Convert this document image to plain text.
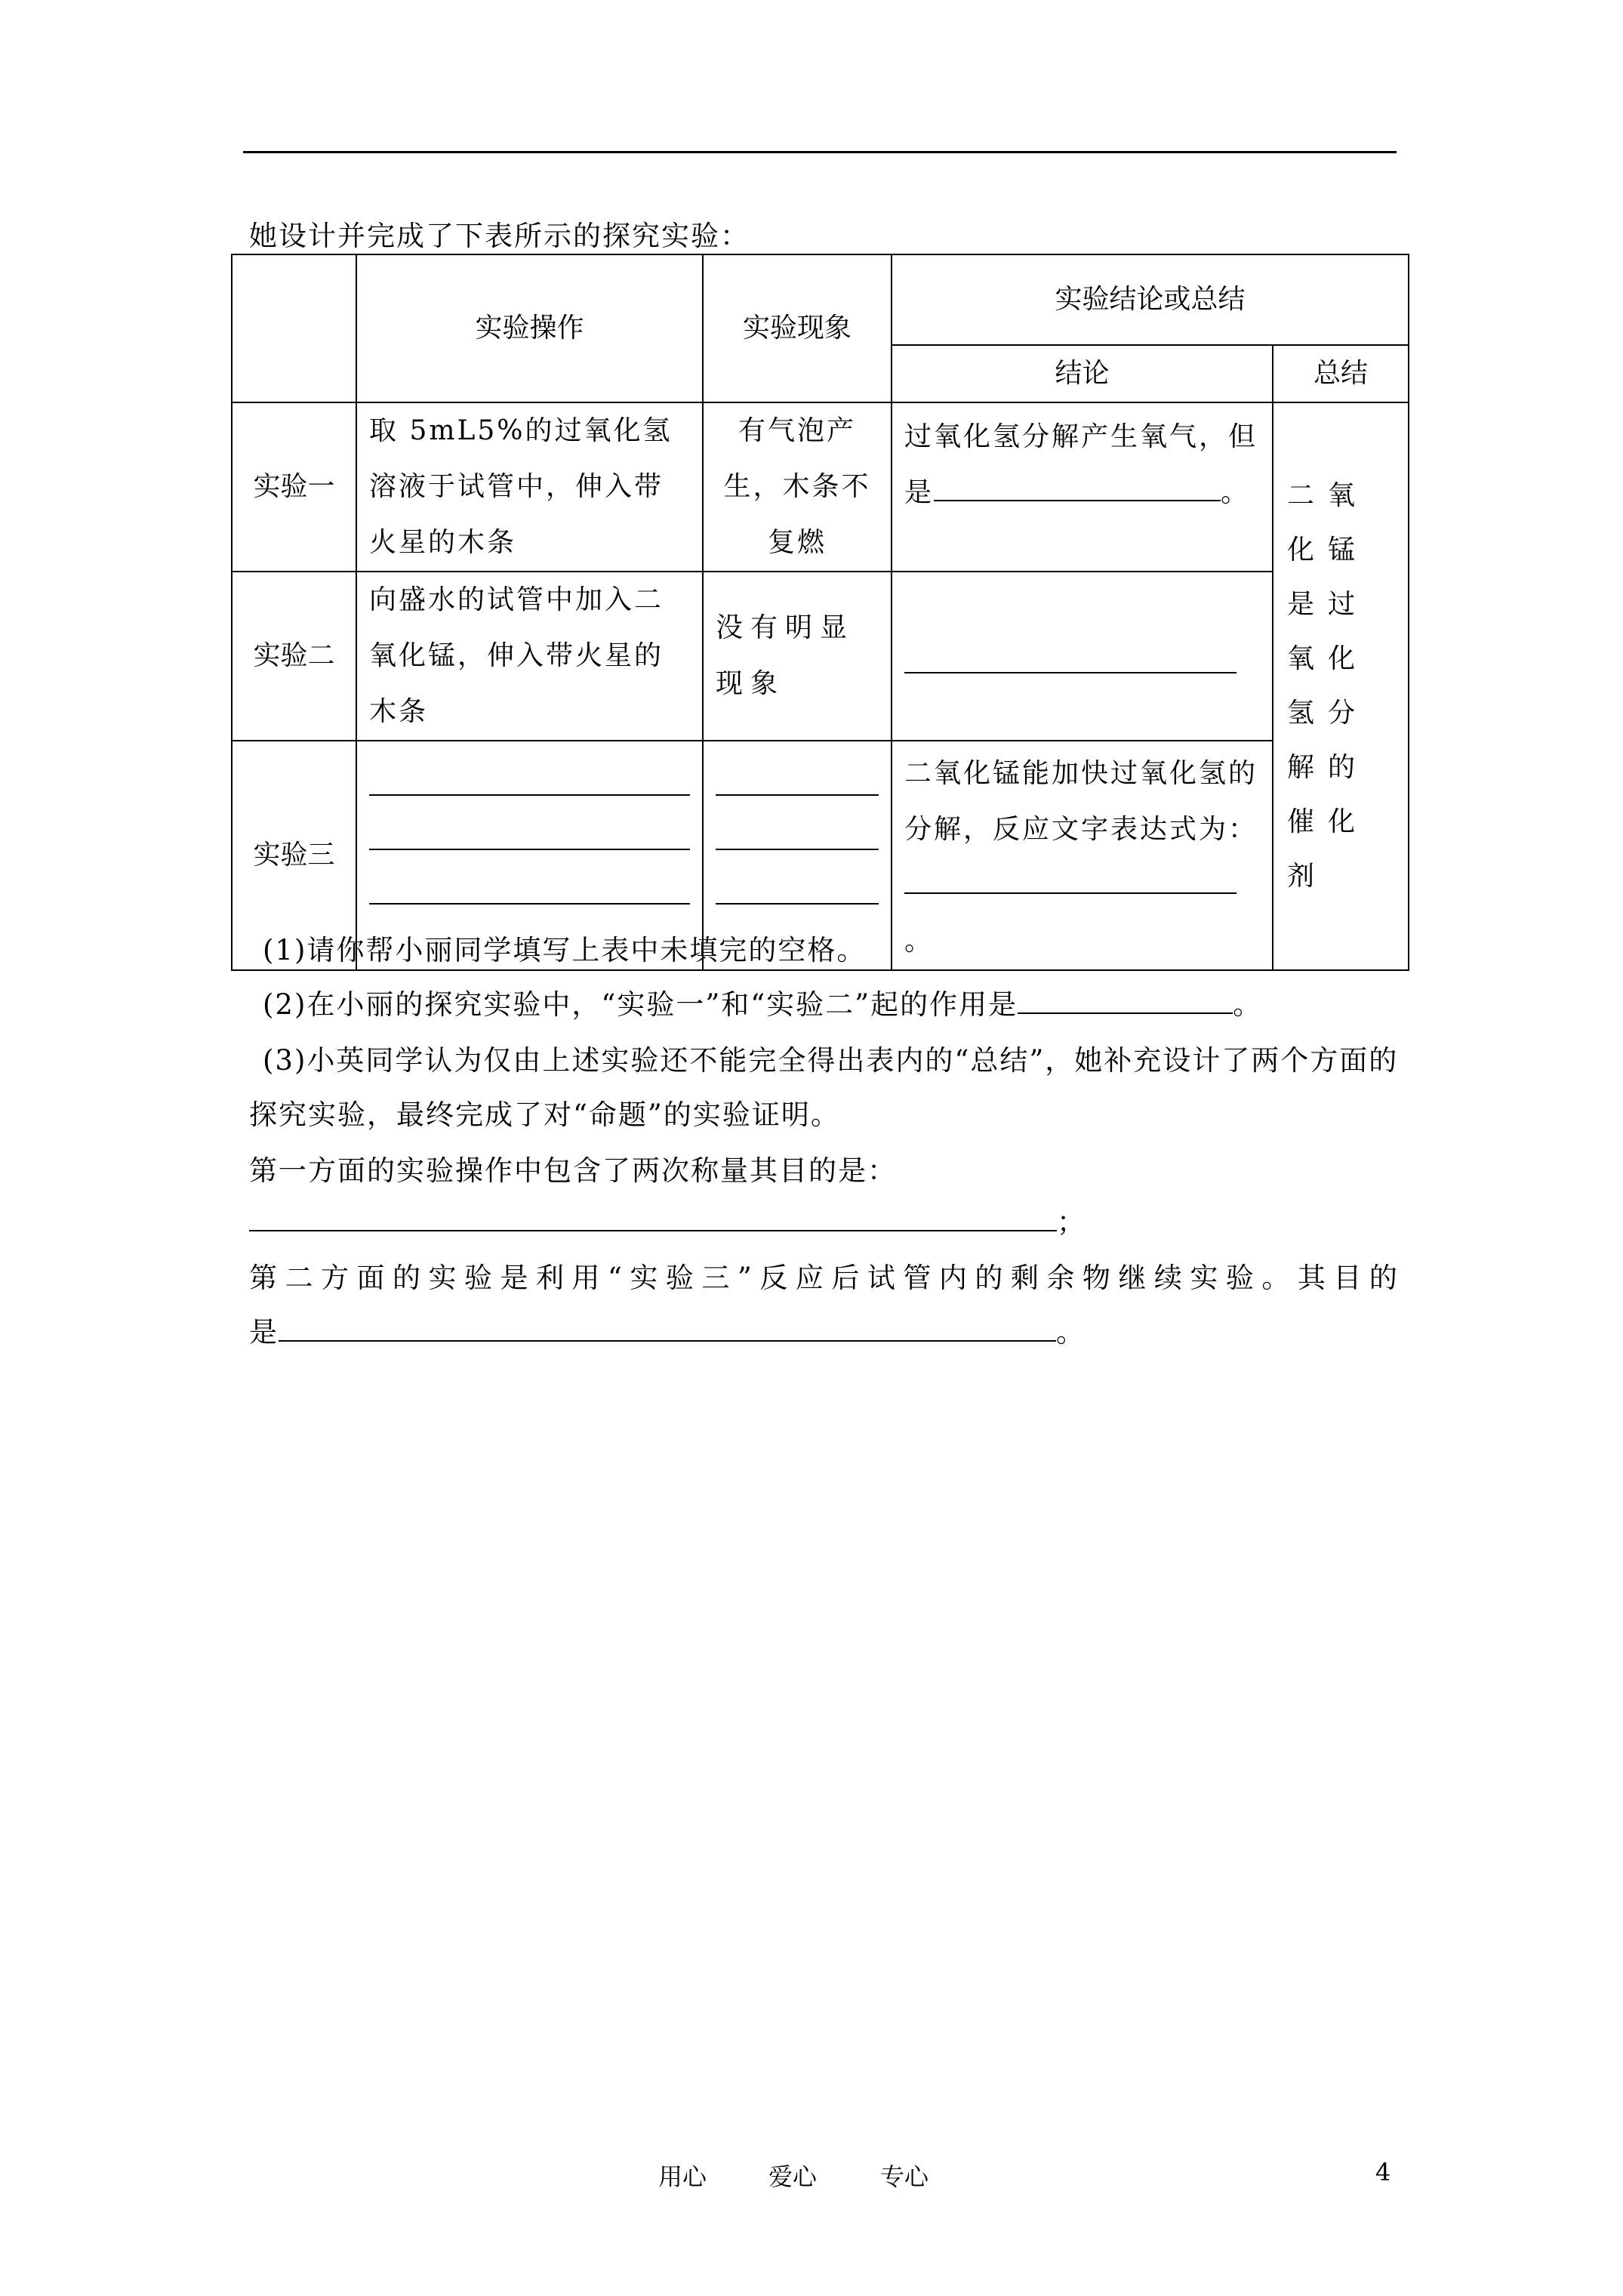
她设计并完成了下表所示的探究实验：
	实验操作	实验现象	实验结论或总结	
			结论	总结
实验一	取 5mL5%的过氧化氢溶液于试管中，伸入带火星的木条	有气泡产生，木条不复燃	过氧化氢分解产生氧气，但是 。	二氧化锰是过氧化氢分解的催化剂
实验二	向盛水的试管中加入二氧化锰，伸入带火星的木条	没有明显现象		
实验三			二氧化锰能加快过氧化氢的分解，反应文字表达式为：
。	
(1)请你帮小丽同学填写上表中未填完的空格。
(2)在小丽的探究实验中，“实验一”和“实验二”起的作用是	。
(3)小英同学认为仅由上述实验还不能完全得出表内的“总结”，她补充设计了两个方面的
探究实验，最终完成了对“命题”的实验证明。
第一方面的实验操作中包含了两次称量其目的是：
；
第二方面的实验是利用“实验三”反应后试管内的剩余物继续实验。其目的
是	。
用心	爱心	专心	4
